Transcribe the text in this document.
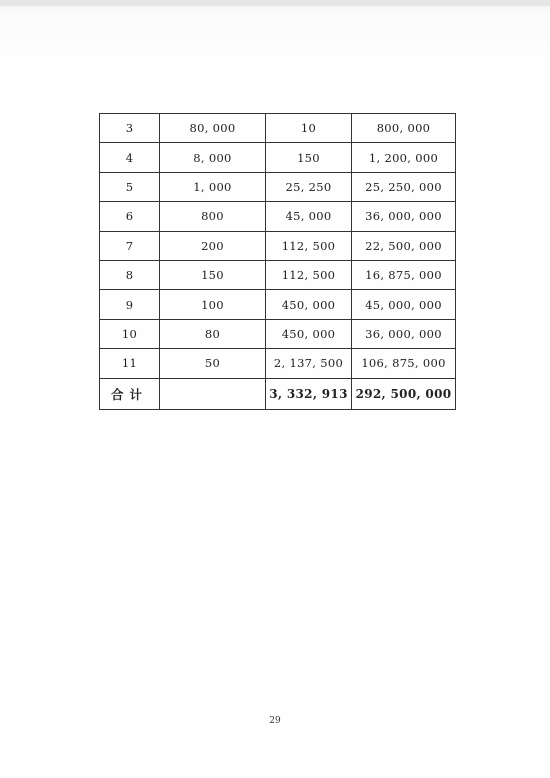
3	80, 000	10	800, 000
4	8, 000	150	1, 200, 000
5	1, 000	25, 250	25, 250, 000
6	800	45, 000	36, 000, 000
7	200	112, 500	22, 500, 000
8	150	112, 500	16, 875, 000
9	100	450, 000	45, 000, 000
10	80	450, 000	36, 000, 000
11	50	2, 137, 500	106, 875, 000
合计		3, 332, 913	292, 500, 000
29
